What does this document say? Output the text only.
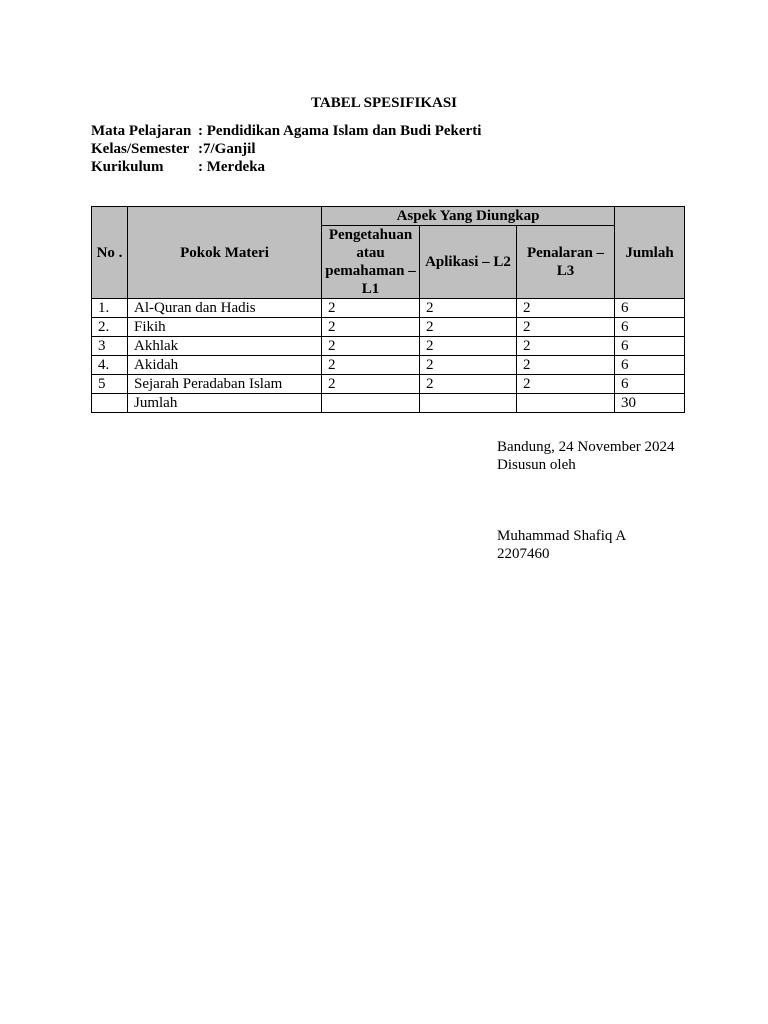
TABEL SPESIFIKASI
Mata Pelajaran : Pendidikan Agama Islam dan Budi Pekerti
Kelas/Semester :7/Ganjil
Kurikulum	: Merdeka
No .	Pokok Materi	Aspek Yang Diungkap			Jumlah
		Pengetahuan atau pemahaman – L1	Aplikasi – L2	Penalaran – L3	
1.	Al-Quran dan Hadis	2	2	2	6
2.	Fikih	2	2	2	6
3	Akhlak	2	2	2	6
4.	Akidah	2	2	2	6
5	Sejarah Peradaban Islam	2	2	2	6
	Jumlah				30
Bandung, 24 November 2024
Disusun oleh
Muhammad Shafiq A
2207460
